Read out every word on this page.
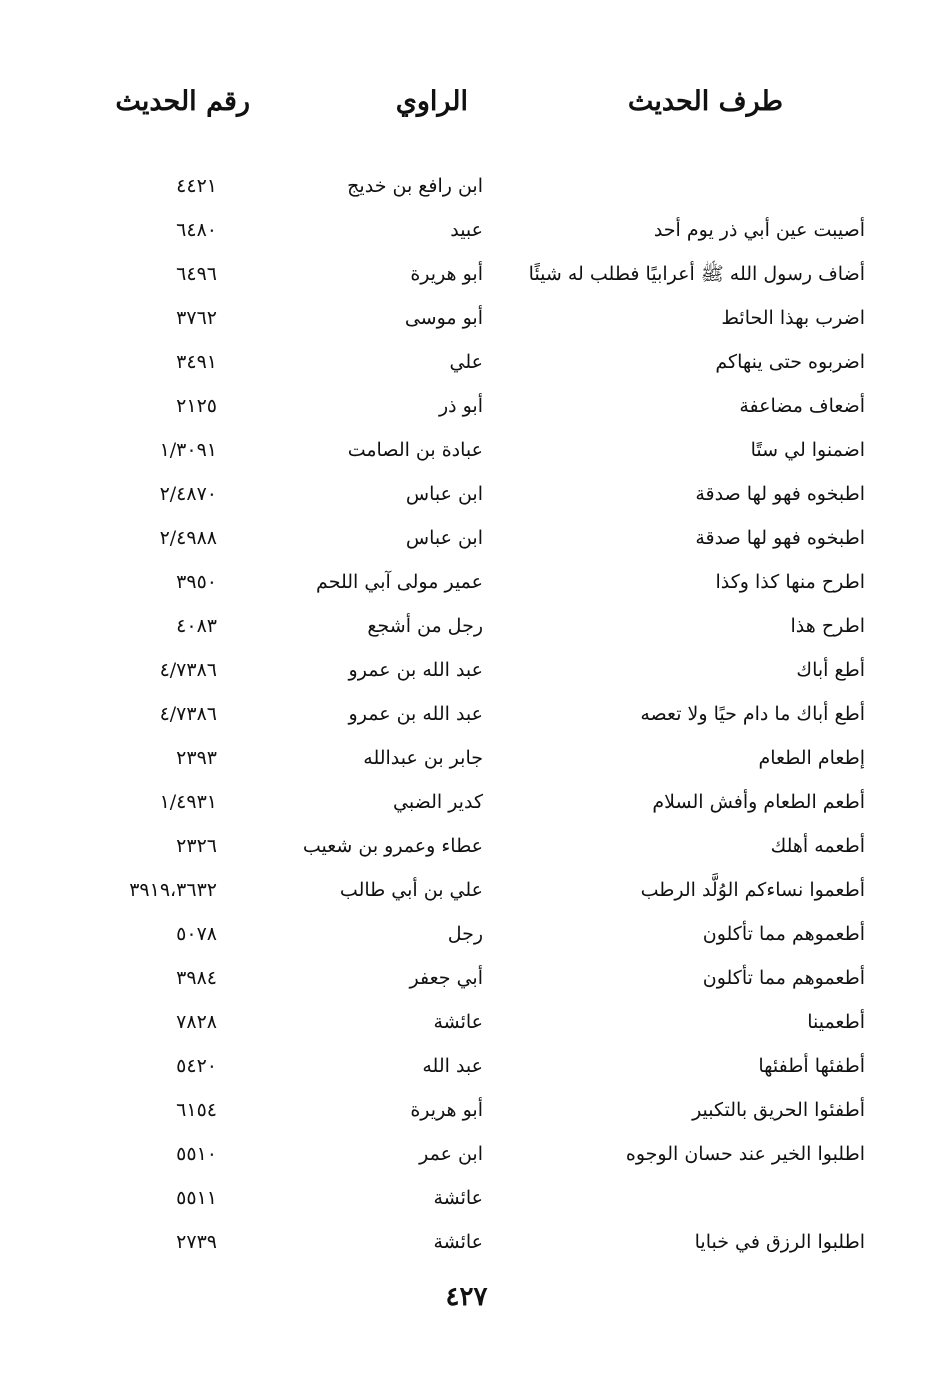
طرف الحديث
الراوي
رقم الحديث
ابن رافع بن خديج
٤٤٢١
أصيبت عين أبي ذر يوم أحد
عبيد
٦٤٨٠
أضاف رسول الله ﷺ أعرابيًا فطلب له شيئًا
أبو هريرة
٦٤٩٦
اضرب بهذا الحائط
أبو موسى
٣٧٦٢
اضربوه حتى ينهاكم
علي
٣٤٩١
أضعاف مضاعفة
أبو ذر
٢١٢٥
اضمنوا لي ستًا
عبادة بن الصامت
١/٣٠٩١
اطبخوه فهو لها صدقة
ابن عباس
٢/٤٨٧٠
اطبخوه فهو لها صدقة
ابن عباس
٢/٤٩٨٨
اطرح منها كذا وكذا
عمير مولى آبي اللحم
٣٩٥٠
اطرح هذا
رجل من أشجع
٤٠٨٣
أطع أباك
عبد الله بن عمرو
٤/٧٣٨٦
أطع أباك ما دام حيًا ولا تعصه
عبد الله بن عمرو
٤/٧٣٨٦
إطعام الطعام
جابر بن عبدالله
٢٣٩٣
أطعم الطعام وأفش السلام
كدير الضبي
١/٤٩٣١
أطعمه أهلك
عطاء وعمرو بن شعيب
٢٣٢٦
أطعموا نساءكم الوُلَّد الرطب
علي بن أبي طالب
٣٩١٩،٣٦٣٢
أطعموهم مما تأكلون
رجل
٥٠٧٨
أطعموهم مما تأكلون
أبي جعفر
٣٩٨٤
أطعمينا
عائشة
٧٨٢٨
أطفئها أطفئها
عبد الله
٥٤٢٠
أطفئوا الحريق بالتكبير
أبو هريرة
٦١٥٤
اطلبوا الخير عند حسان الوجوه
ابن عمر
٥٥١٠
عائشة
٥٥١١
اطلبوا الرزق في خبايا
عائشة
٢٧٣٩
٤٢٧
